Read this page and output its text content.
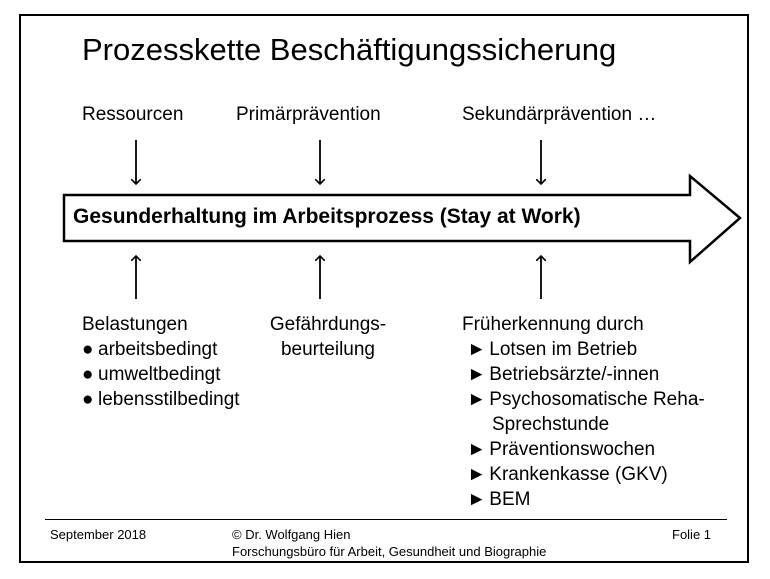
Prozesskette Beschäftigungssicherung
Ressourcen	Primärprävention	Sekundärprävention …
Gesunderhaltung im Arbeitsprozess (Stay at Work)
Belastungen
● arbeitsbedingt
● umweltbedingt
● lebensstilbedingt
Gefährdungs-
beurteilung
Früherkennung durch
► Lotsen im Betrieb
► Betriebsärzte/-innen
► Psychosomatische Reha-
Sprechstunde
► Präventionswochen
► Krankenkasse (GKV)
► BEM
September 2018	© Dr. Wolfgang Hien
Forschungsbüro für Arbeit, Gesundheit und Biographie
Folie 1
